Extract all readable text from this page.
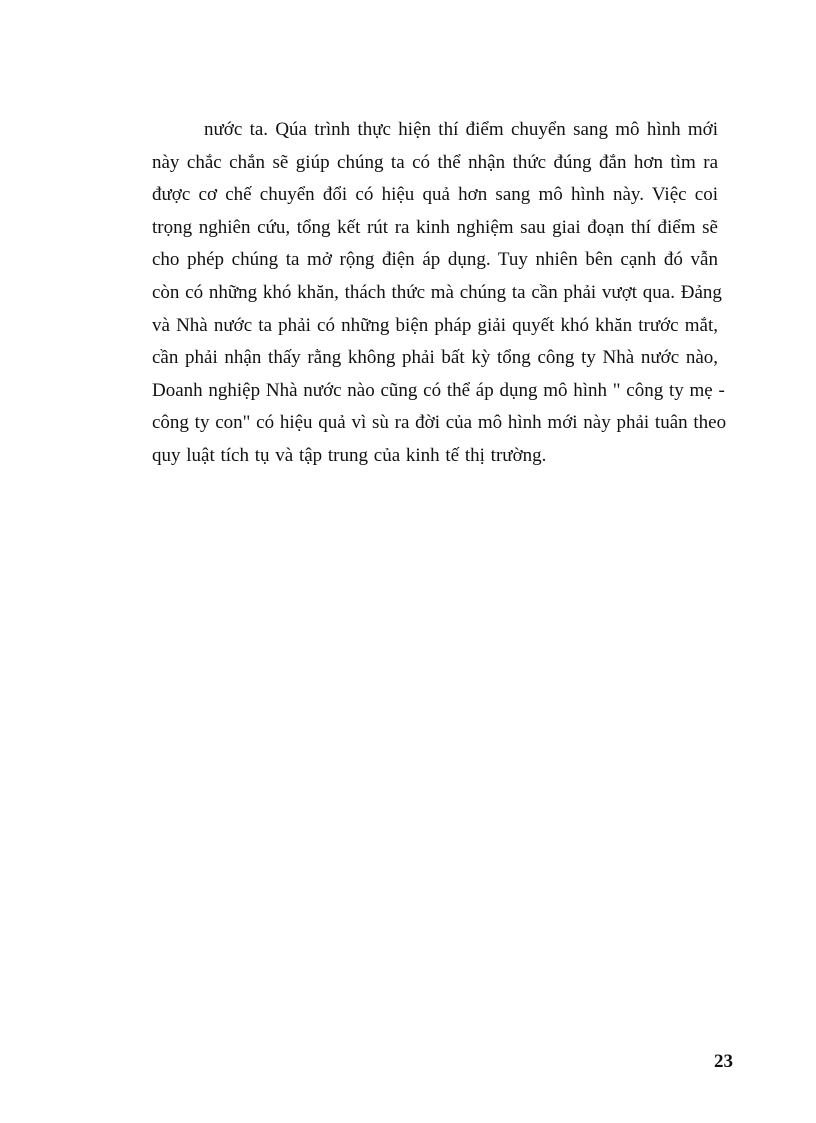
nước ta. Qúa trình thực hiện thí điểm chuyển sang mô hình mới
này chắc chắn sẽ giúp chúng ta có thể nhận thức đúng đắn hơn tìm ra
được cơ chế chuyển đổi có hiệu quả hơn sang mô hình này. Việc coi
trọng nghiên cứu, tổng kết rút ra kinh nghiệm sau giai đoạn thí điểm sẽ
cho phép chúng ta mở rộng điện áp dụng. Tuy nhiên bên cạnh đó vẫn
còn có những khó khăn, thách thức mà chúng ta cần phải vượt qua. Đảng
và Nhà nước ta phải có những biện pháp giải quyết khó khăn trước mắt,
cần phải nhận thấy rằng không phải bất kỳ tổng công ty Nhà nước nào,
Doanh nghiệp Nhà nước nào cũng có thể áp dụng mô hình " công ty mẹ -
công ty con" có hiệu quả vì sù ra đời của mô hình mới này phải tuân theo
quy luật tích tụ và tập trung của kinh tế thị trường.
23
